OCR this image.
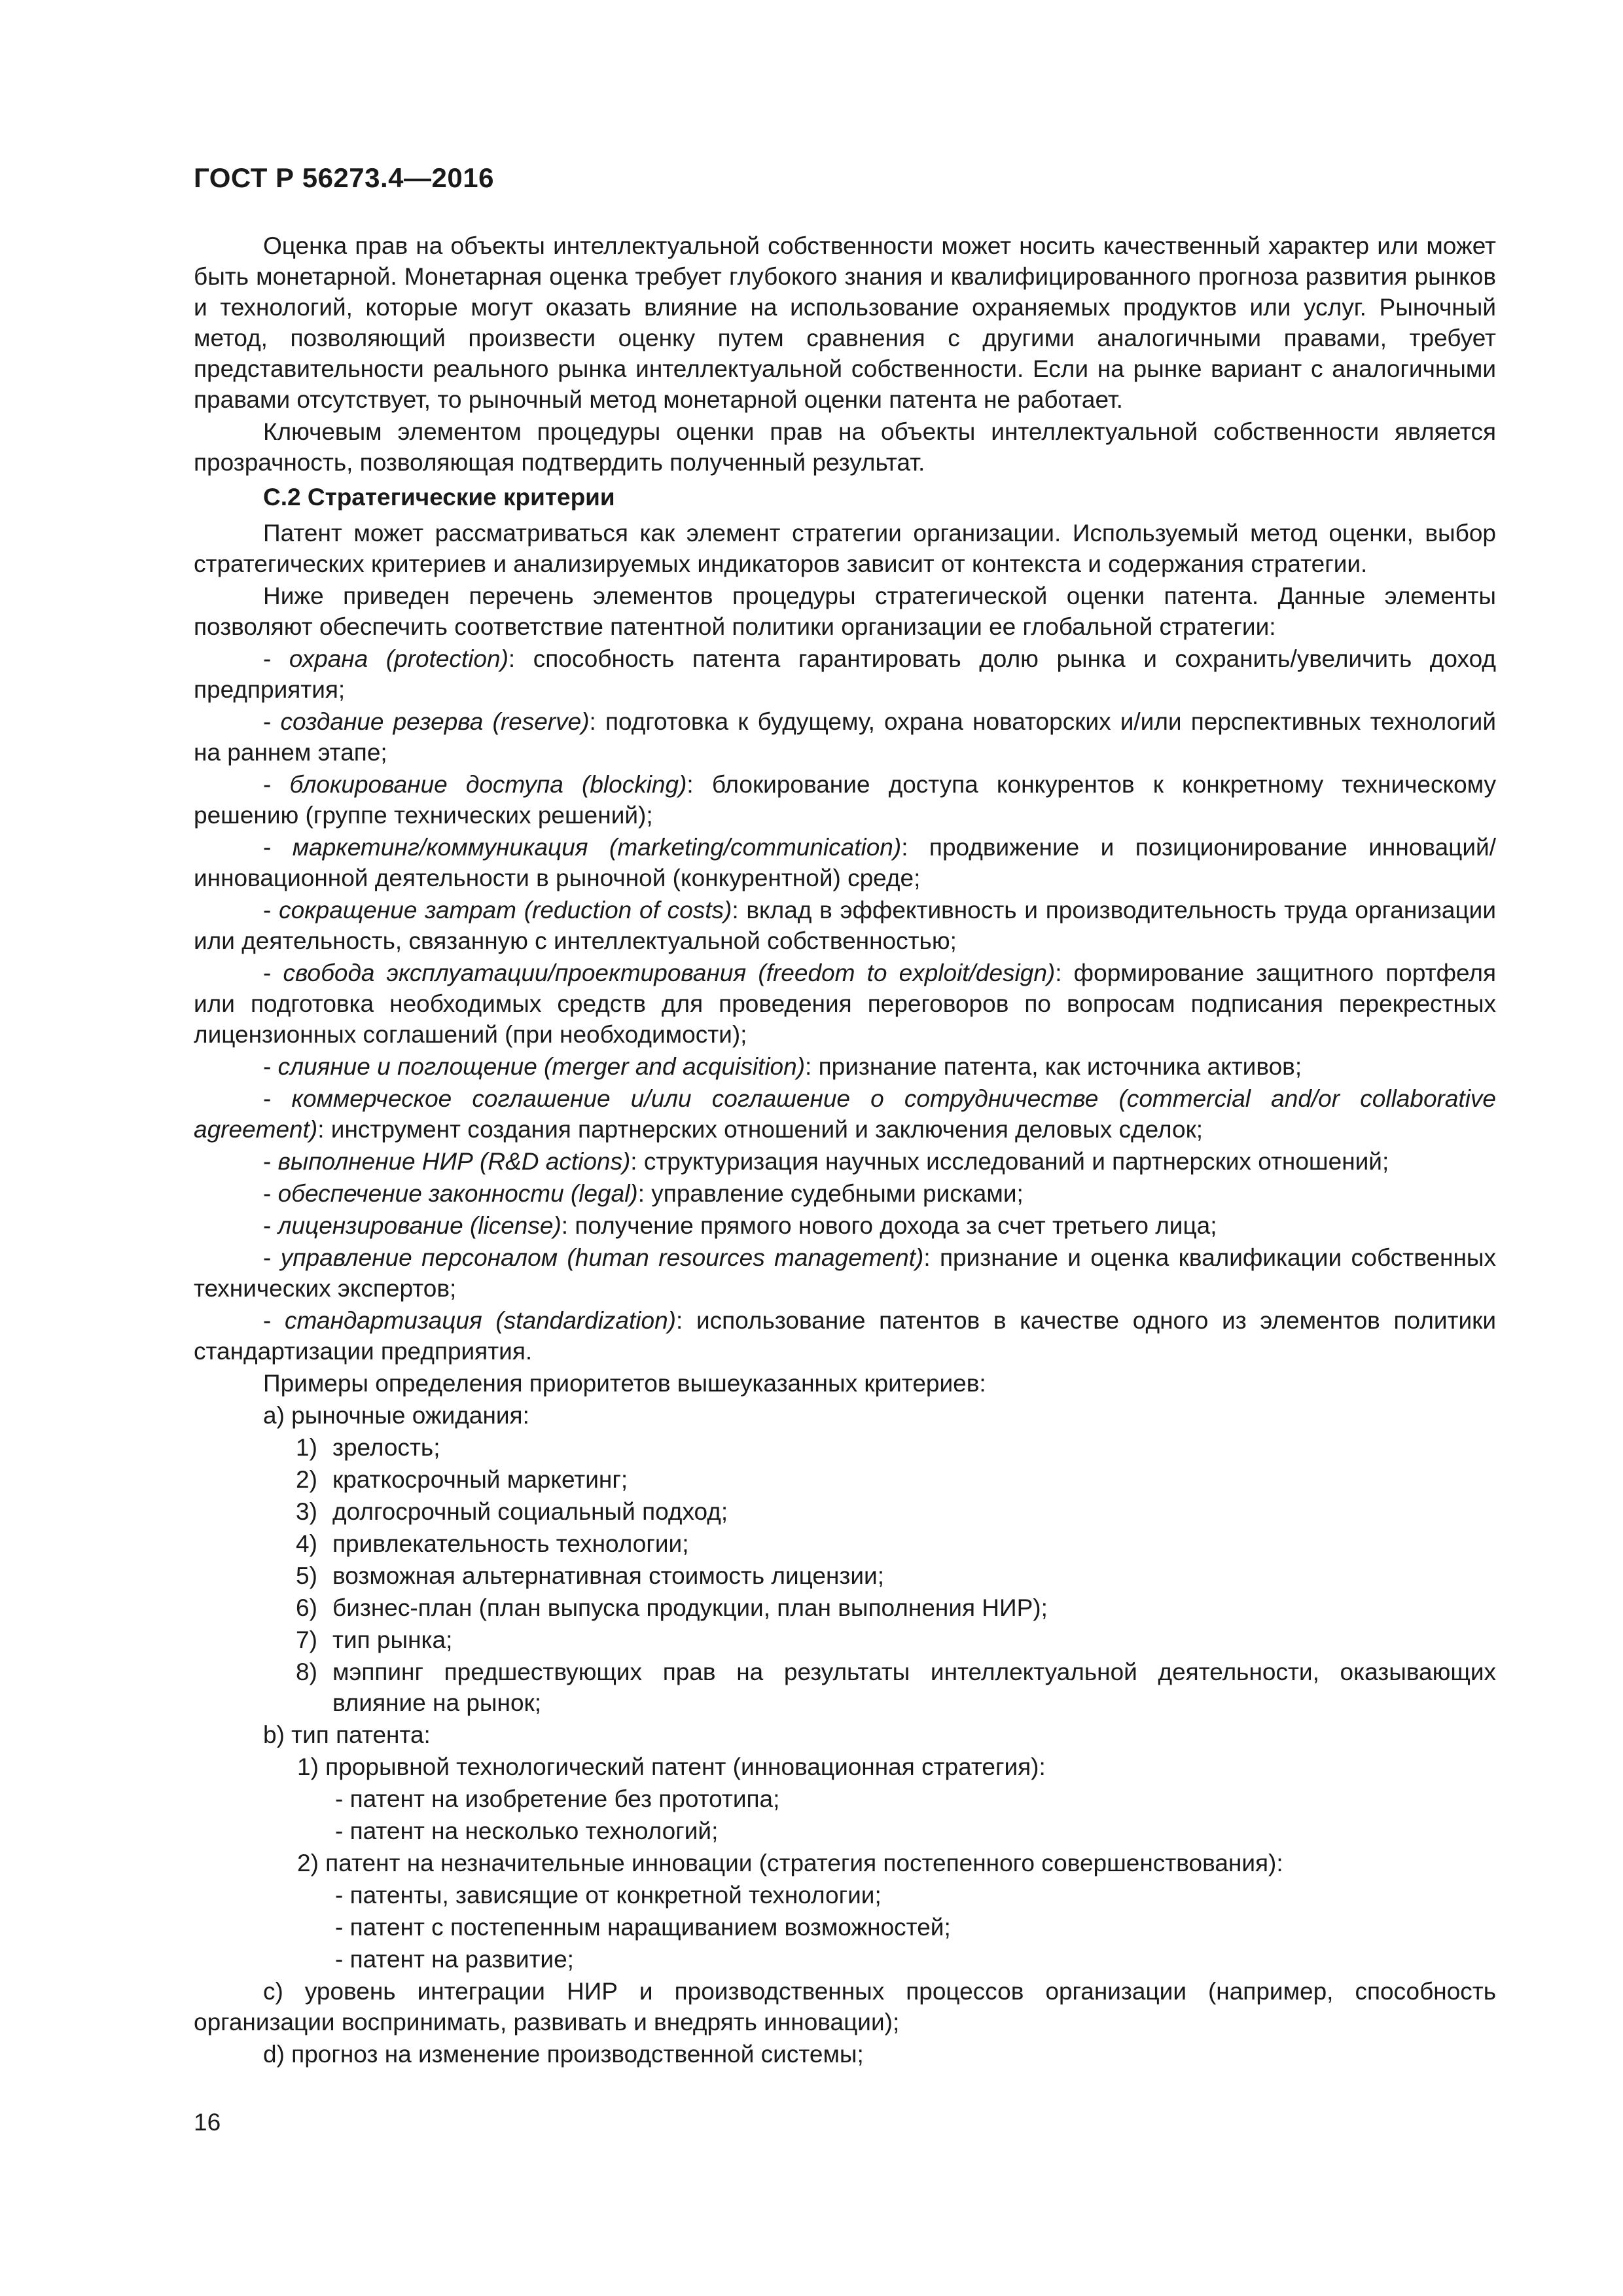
ГОСТ Р 56273.4—2016

Оценка прав на объекты интеллектуальной собственности может носить качественный характер или может быть монетарной. Монетарная оценка требует глубокого знания и квалифицированного прогноза развития рынков и технологий, которые могут оказать влияние на использование охраняемых продуктов или услуг. Рыночный метод, позволяющий произвести оценку путем сравнения с другими аналогичными правами, требует представительности реального рынка интеллектуальной собственности. Если на рынке вариант с аналогичными правами отсутствует, то рыночный метод монетарной оценки патента не работает.

Ключевым элементом процедуры оценки прав на объекты интеллектуальной собственности является прозрачность, позволяющая подтвердить полученный результат.

С.2 Стратегические критерии

Патент может рассматриваться как элемент стратегии организации. Используемый метод оценки, выбор стратегических критериев и анализируемых индикаторов зависит от контекста и содержания стратегии.

Ниже приведен перечень элементов процедуры стратегической оценки патента. Данные элементы позволяют обеспечить соответствие патентной политики организации ее глобальной стратегии:

- охрана (protection): способность патента гарантировать долю рынка и сохранить/увеличить доход предприятия;

- создание резерва (reserve): подготовка к будущему, охрана новаторских и/или перспективных технологий на раннем этапе;

- блокирование доступа (blocking): блокирование доступа конкурентов к конкретному техническому решению (группе технических решений);

- маркетинг/коммуникация (marketing/communication): продвижение и позиционирование инноваций/инновационной деятельности в рыночной (конкурентной) среде;

- сокращение затрат (reduction of costs): вклад в эффективность и производительность труда организации или деятельность, связанную с интеллектуальной собственностью;

- свобода эксплуатации/проектирования (freedom to exploit/design): формирование защитного портфеля или подготовка необходимых средств для проведения переговоров по вопросам подписания перекрестных лицензионных соглашений (при необходимости);

- слияние и поглощение (merger and acquisition): признание патента, как источника активов;

- коммерческое соглашение и/или соглашение о сотрудничестве (commercial and/or collaborative agreement): инструмент создания партнерских отношений и заключения деловых сделок;

- выполнение НИР (R&D actions): структуризация научных исследований и партнерских отношений;

- обеспечение законности (legal): управление судебными рисками;

- лицензирование (license): получение прямого нового дохода за счет третьего лица;

- управление персоналом (human resources management): признание и оценка квалификации собственных технических экспертов;

- стандартизация (standardization): использование патентов в качестве одного из элементов политики стандартизации предприятия.

Примеры определения приоритетов вышеуказанных критериев:

а) рыночные ожидания:

1) зрелость;

2) краткосрочный маркетинг;

3) долгосрочный социальный подход;

4) привлекательность технологии;

5) возможная альтернативная стоимость лицензии;

6) бизнес-план (план выпуска продукции, план выполнения НИР);

7) тип рынка;

8) мэппинг предшествующих прав на результаты интеллектуальной деятельности, оказывающих влияние на рынок;

b) тип патента:

1) прорывной технологический патент (инновационная стратегия):

- патент на изобретение без прототипа;

- патент на несколько технологий;

2) патент на незначительные инновации (стратегия постепенного совершенствования):

- патенты, зависящие от конкретной технологии;

- патент с постепенным наращиванием возможностей;

- патент на развитие;

с) уровень интеграции НИР и производственных процессов организации (например, способность организации воспринимать, развивать и внедрять инновации);

d) прогноз на изменение производственной системы;

16
